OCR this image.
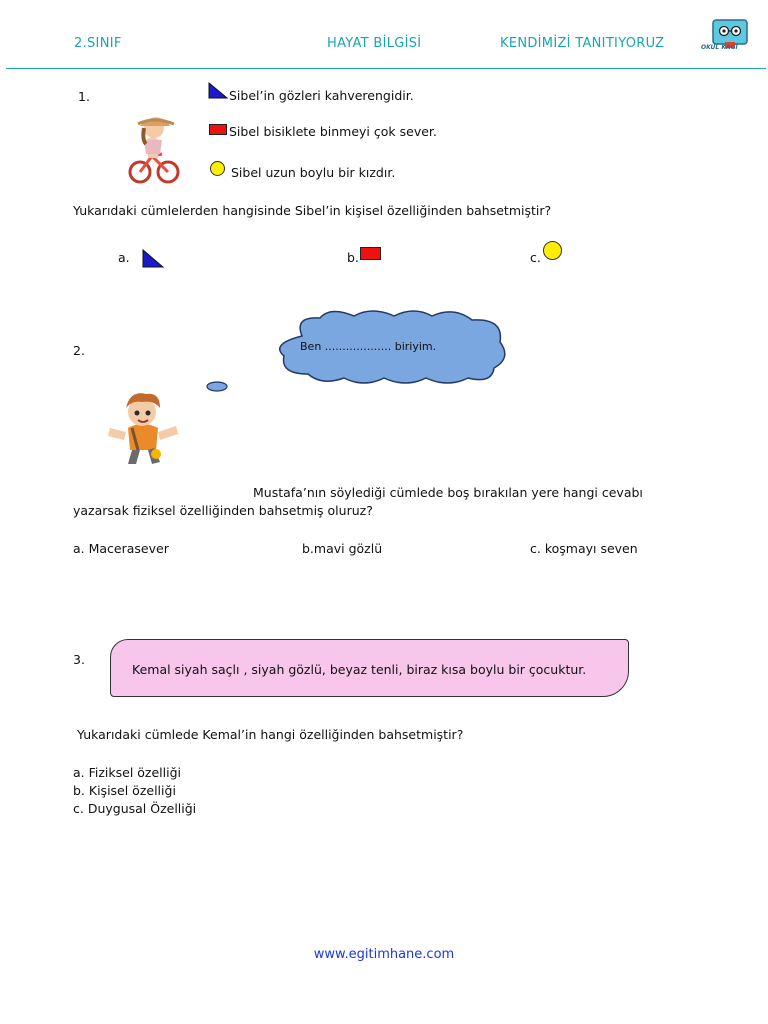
2.SINIF	HAYAT BİLGİSİ	KENDİMİZİ TANITIYORUZ	OKUL KAĞI
1.	Sibel’in gözleri kahverengidir.
Sibel bisiklete binmeyi çok sever.
Sibel uzun boylu bir kızdır.
Yukarıdaki cümlelerden hangisinde Sibel’in kişisel özelliğinden bahsetmiştir?
a.	b.	c.
2.	Ben ................... biriyim.
Mustafa’nın söylediği cümlede boş bırakılan yere hangi cevabı
yazarsak fiziksel özelliğinden bahsetmiş oluruz?
a. Macerasever	b.mavi gözlü	c. koşmayı seven
3.
Kemal siyah saçlı , siyah gözlü, beyaz tenli, biraz kısa boylu bir çocuktur.
Yukarıdaki cümlede Kemal’in hangi özelliğinden bahsetmiştir?
a. Fiziksel özelliği
b. Kişisel özelliği
c. Duygusal Özelliği
www.egitimhane.com
